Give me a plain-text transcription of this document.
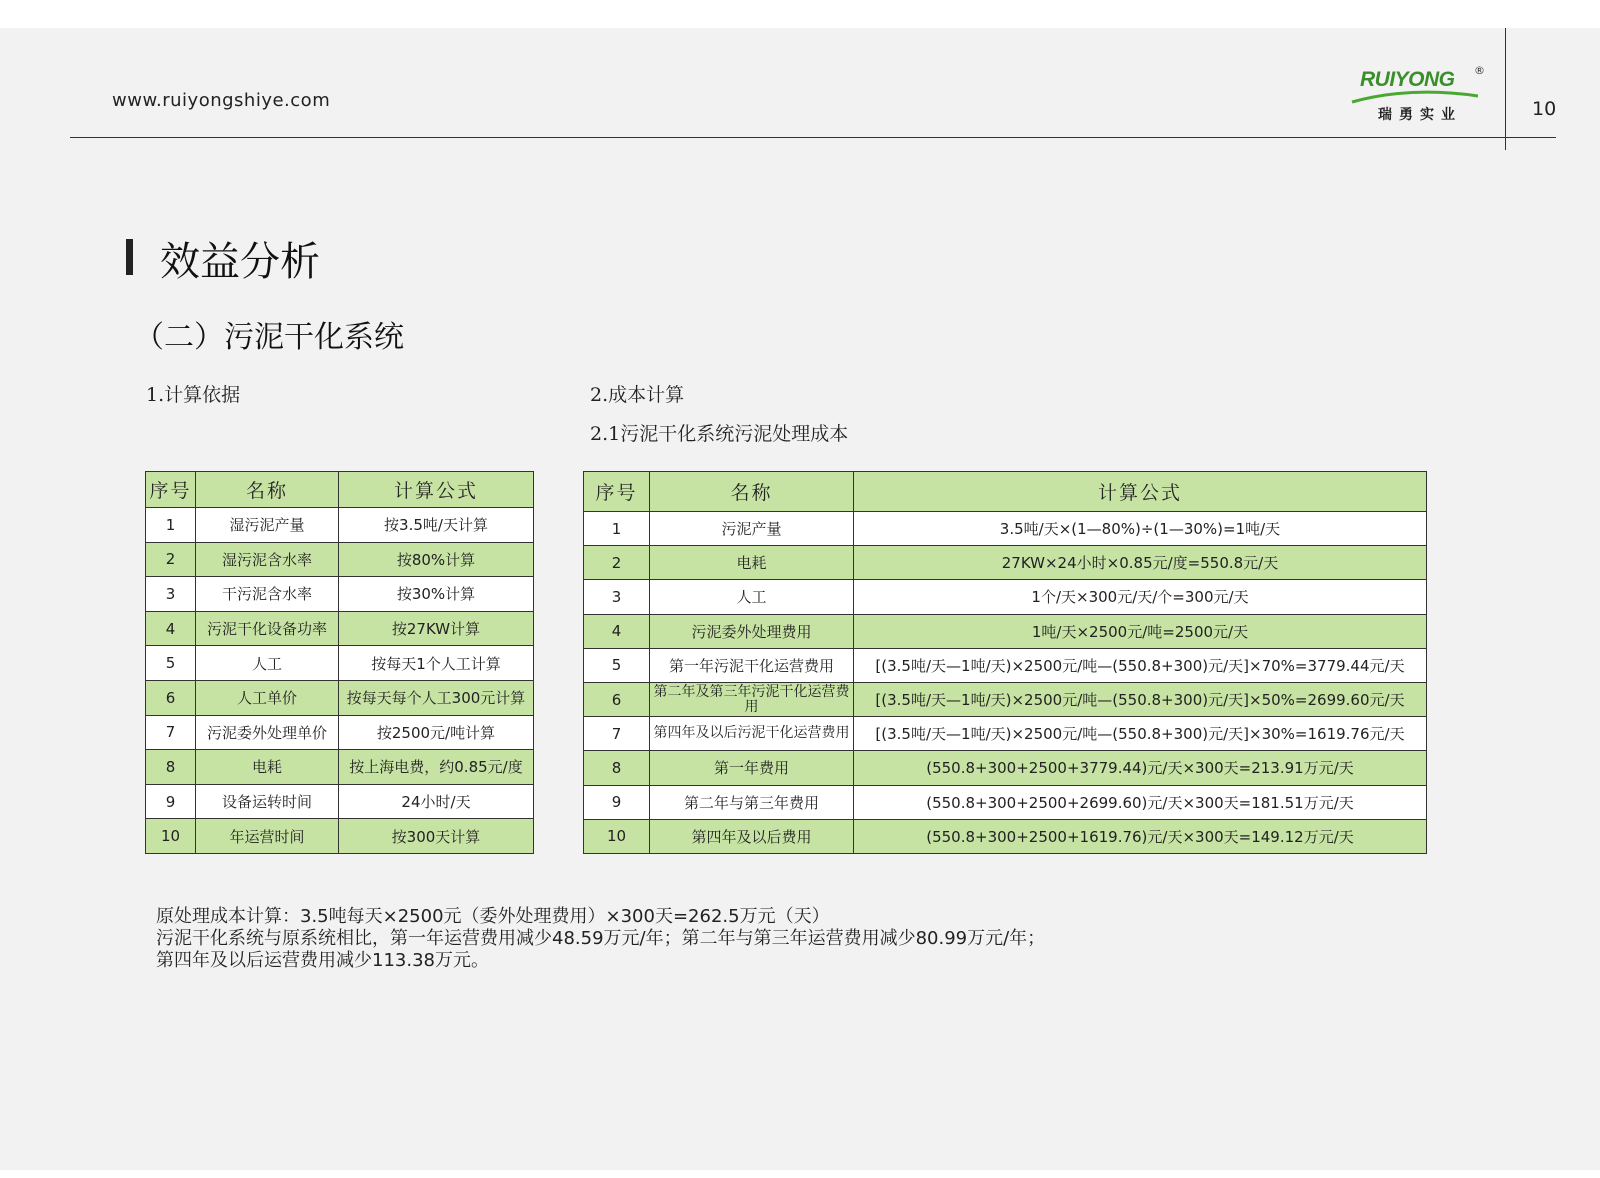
www.ruiyongshiye.com
RUIYONG ®
瑞勇实业	10
效益分析
（二）污泥干化系统
1.计算依据	2.成本计算
2.1污泥干化系统污泥处理成本
序号	名称	计算公式
1	湿污泥产量	按3.5吨/天计算
2	湿污泥含水率	按80%计算
3	干污泥含水率	按30%计算
4	污泥干化设备功率	按27KW计算
5	人工	按每天1个人工计算
6	人工单价	按每天每个人工300元计算
7	污泥委外处理单价	按2500元/吨计算
8	电耗	按上海电费，约0.85元/度
9	设备运转时间	24小时/天
10	年运营时间	按300天计算
序号	名称	计算公式
1	污泥产量	3.5吨/天×(1—80%)÷(1—30%)=1吨/天
2	电耗	27KW×24小时×0.85元/度=550.8元/天
3	人工	1个/天×300元/天/个=300元/天
4	污泥委外处理费用	1吨/天×2500元/吨=2500元/天
5	第一年污泥干化运营费用	[(3.5吨/天—1吨/天)×2500元/吨—(550.8+300)元/天]×70%=3779.44元/天
6	第二年及第三年污泥干化运营费用	[(3.5吨/天—1吨/天)×2500元/吨—(550.8+300)元/天]×50%=2699.60元/天
7	第四年及以后污泥干化运营费用	[(3.5吨/天—1吨/天)×2500元/吨—(550.8+300)元/天]×30%=1619.76元/天
8	第一年费用	(550.8+300+2500+3779.44)元/天×300天=213.91万元/天
9	第二年与第三年费用	(550.8+300+2500+2699.60)元/天×300天=181.51万元/天
10	第四年及以后费用	(550.8+300+2500+1619.76)元/天×300天=149.12万元/天
原处理成本计算：3.5吨每天×2500元（委外处理费用）×300天=262.5万元（天）
污泥干化系统与原系统相比，第一年运营费用减少48.59万元/年；第二年与第三年运营费用减少80.99万元/年；
第四年及以后运营费用减少113.38万元。
